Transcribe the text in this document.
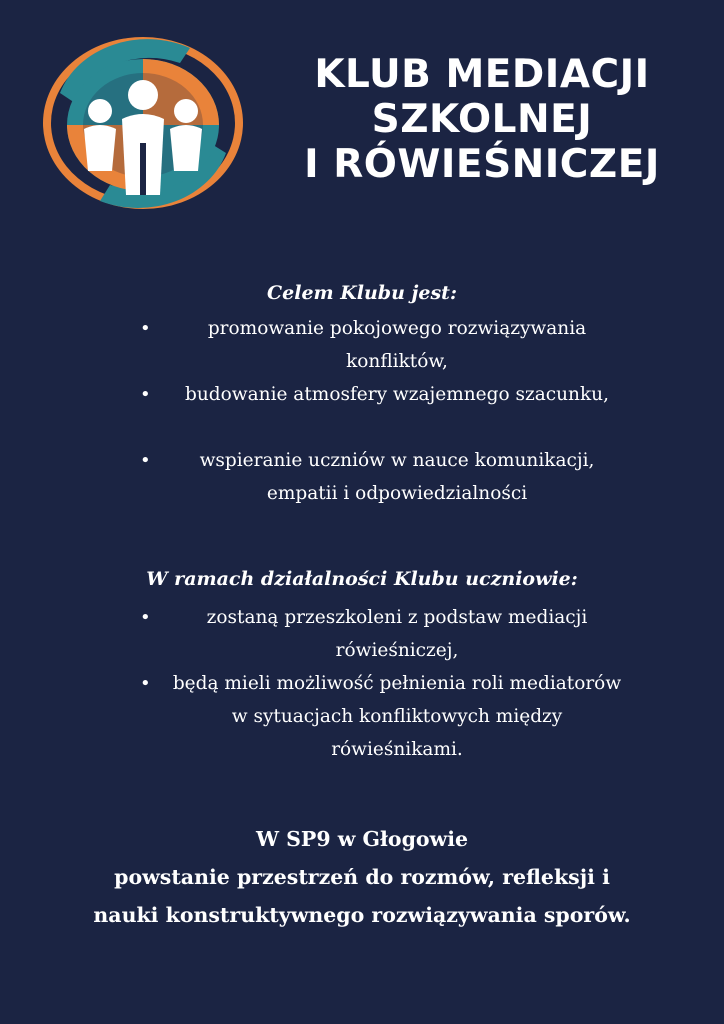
KLUB MEDIACJI
SZKOLNEJ
I RÓWIEŚNICZEJ
Celem Klubu jest:
•	promowanie pokojowego rozwiązywania konfliktów,
• budowanie atmosfery wzajemnego szacunku,
•	wspieranie uczniów w nauce komunikacji, empatii i odpowiedzialności
W ramach działalności Klubu uczniowie:
•	zostaną przeszkoleni z podstaw mediacji rówieśniczej,
• będą mieli możliwość pełnienia roli mediatorów w sytuacjach konfliktowych między rówieśnikami.
W SP9 w Głogowie
powstanie przestrzeń do rozmów, refleksji i
nauki konstruktywnego rozwiązywania sporów.
